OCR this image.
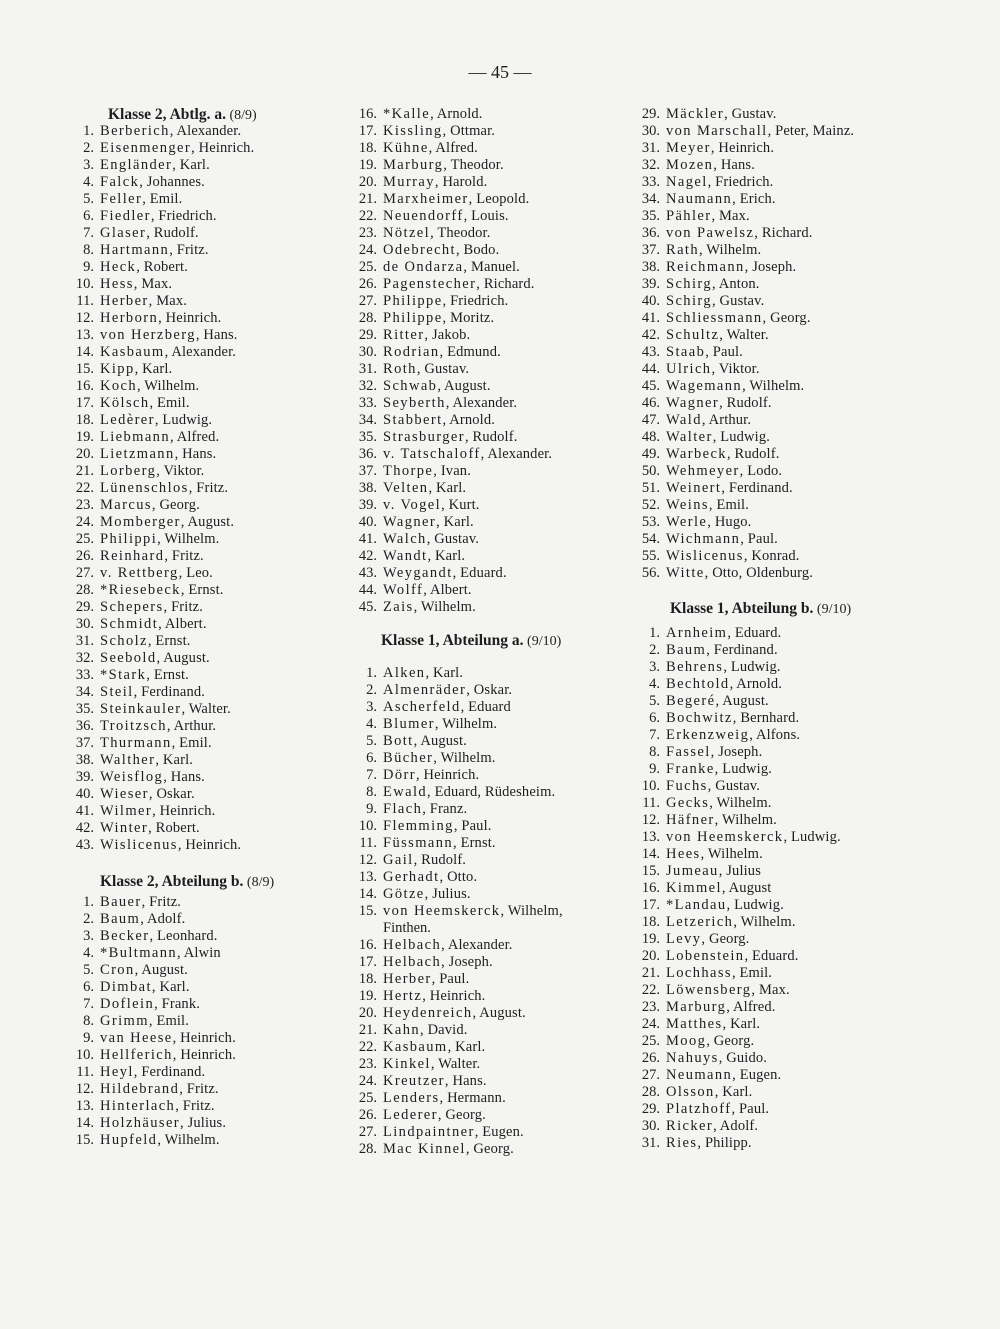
— 45 —
Klasse 2, Abtlg. a. (8/9)
1. Berberich, Alexander.
2. Eisenmenger, Heinrich.
3. Engländer, Karl.
4. Falck, Johannes.
5. Feller, Emil.
6. Fiedler, Friedrich.
7. Glaser, Rudolf.
8. Hartmann, Fritz.
9. Heck, Robert.
10. Hess, Max.
11. Herber, Max.
12. Herborn, Heinrich.
13. von Herzberg, Hans.
14. Kasbaum, Alexander.
15. Kipp, Karl.
16. Koch, Wilhelm.
17. Kölsch, Emil.
18. Ledèrer, Ludwig.
19. Liebmann, Alfred.
20. Lietzmann, Hans.
21. Lorberg, Viktor.
22. Lünenschlos, Fritz.
23. Marcus, Georg.
24. Momberger, August.
25. Philippi, Wilhelm.
26. Reinhard, Fritz.
27. v. Rettberg, Leo.
28. *Riesebeck, Ernst.
29. Schepers, Fritz.
30. Schmidt, Albert.
31. Scholz, Ernst.
32. Seebold, August.
33. *Stark, Ernst.
34. Steil, Ferdinand.
35. Steinkauler, Walter.
36. Troitzsch, Arthur.
37. Thurmann, Emil.
38. Walther, Karl.
39. Weisflog, Hans.
40. Wieser, Oskar.
41. Wilmer, Heinrich.
42. Winter, Robert.
43. Wislicenus, Heinrich.
Klasse 2, Abteilung b. (8/9)
1. Bauer, Fritz.
2. Baum, Adolf.
3. Becker, Leonhard.
4. *Bultmann, Alwin
5. Cron, August.
6. Dimbat, Karl.
7. Doflein, Frank.
8. Grimm, Emil.
9. van Heese, Heinrich.
10. Hellferich, Heinrich.
11. Heyl, Ferdinand.
12. Hildebrand, Fritz.
13. Hinterlach, Fritz.
14. Holzhäuser, Julius.
15. Hupfeld, Wilhelm.
16. *Kalle, Arnold.
17. Kissling, Ottmar.
18. Kühne, Alfred.
19. Marburg, Theodor.
20. Murray, Harold.
21. Marxheimer, Leopold.
22. Neuendorff, Louis.
23. Nötzel, Theodor.
24. Odebrecht, Bodo.
25. de Ondarza, Manuel.
26. Pagenstecher, Richard.
27. Philippe, Friedrich.
28. Philippe, Moritz.
29. Ritter, Jakob.
30. Rodrian, Edmund.
31. Roth, Gustav.
32. Schwab, August.
33. Seyberth, Alexander.
34. Stabbert, Arnold.
35. Strasburger, Rudolf.
36. v. Tatschaloff, Alexander.
37. Thorpe, Ivan.
38. Velten, Karl.
39. v. Vogel, Kurt.
40. Wagner, Karl.
41. Walch, Gustav.
42. Wandt, Karl.
43. Weygandt, Eduard.
44. Wolff, Albert.
45. Zais, Wilhelm.
Klasse 1, Abteilung a. (9/10)
1. Alken, Karl.
2. Almenräder, Oskar.
3. Ascherfeld, Eduard
4. Blumer, Wilhelm.
5. Bott, August.
6. Bücher, Wilhelm.
7. Dörr, Heinrich.
8. Ewald, Eduard, Rüdesheim.
9. Flach, Franz.
10. Flemming, Paul.
11. Füssmann, Ernst.
12. Gail, Rudolf.
13. Gerhadt, Otto.
14. Götze, Julius.
15. von Heemskerck, Wilhelm,
Finthen.
16. Helbach, Alexander.
17. Helbach, Joseph.
18. Herber, Paul.
19. Hertz, Heinrich.
20. Heydenreich, August.
21. Kahn, David.
22. Kasbaum, Karl.
23. Kinkel, Walter.
24. Kreutzer, Hans.
25. Lenders, Hermann.
26. Lederer, Georg.
27. Lindpaintner, Eugen.
28. Mac Kinnel, Georg.
29. Mäckler, Gustav.
30. von Marschall, Peter, Mainz.
31. Meyer, Heinrich.
32. Mozen, Hans.
33. Nagel, Friedrich.
34. Naumann, Erich.
35. Pähler, Max.
36. von Pawelsz, Richard.
37. Rath, Wilhelm.
38. Reichmann, Joseph.
39. Schirg, Anton.
40. Schirg, Gustav.
41. Schliessmann, Georg.
42. Schultz, Walter.
43. Staab, Paul.
44. Ulrich, Viktor.
45. Wagemann, Wilhelm.
46. Wagner, Rudolf.
47. Wald, Arthur.
48. Walter, Ludwig.
49. Warbeck, Rudolf.
50. Wehmeyer, Lodo.
51. Weinert, Ferdinand.
52. Weins, Emil.
53. Werle, Hugo.
54. Wichmann, Paul.
55. Wislicenus, Konrad.
56. Witte, Otto, Oldenburg.
Klasse 1, Abteilung b. (9/10)
1. Arnheim, Eduard.
2. Baum, Ferdinand.
3. Behrens, Ludwig.
4. Bechtold, Arnold.
5. Begeré, August.
6. Bochwitz, Bernhard.
7. Erkenzweig, Alfons.
8. Fassel, Joseph.
9. Franke, Ludwig.
10. Fuchs, Gustav.
11. Gecks, Wilhelm.
12. Häfner, Wilhelm.
13. von Heemskerck, Ludwig.
14. Hees, Wilhelm.
15. Jumeau, Julius
16. Kimmel, August
17. *Landau, Ludwig.
18. Letzerich, Wilhelm.
19. Levy, Georg.
20. Lobenstein, Eduard.
21. Lochhass, Emil.
22. Löwensberg, Max.
23. Marburg, Alfred.
24. Matthes, Karl.
25. Moog, Georg.
26. Nahuys, Guido.
27. Neumann, Eugen.
28. Olsson, Karl.
29. Platzhoff, Paul.
30. Ricker, Adolf.
31. Ries, Philipp.
